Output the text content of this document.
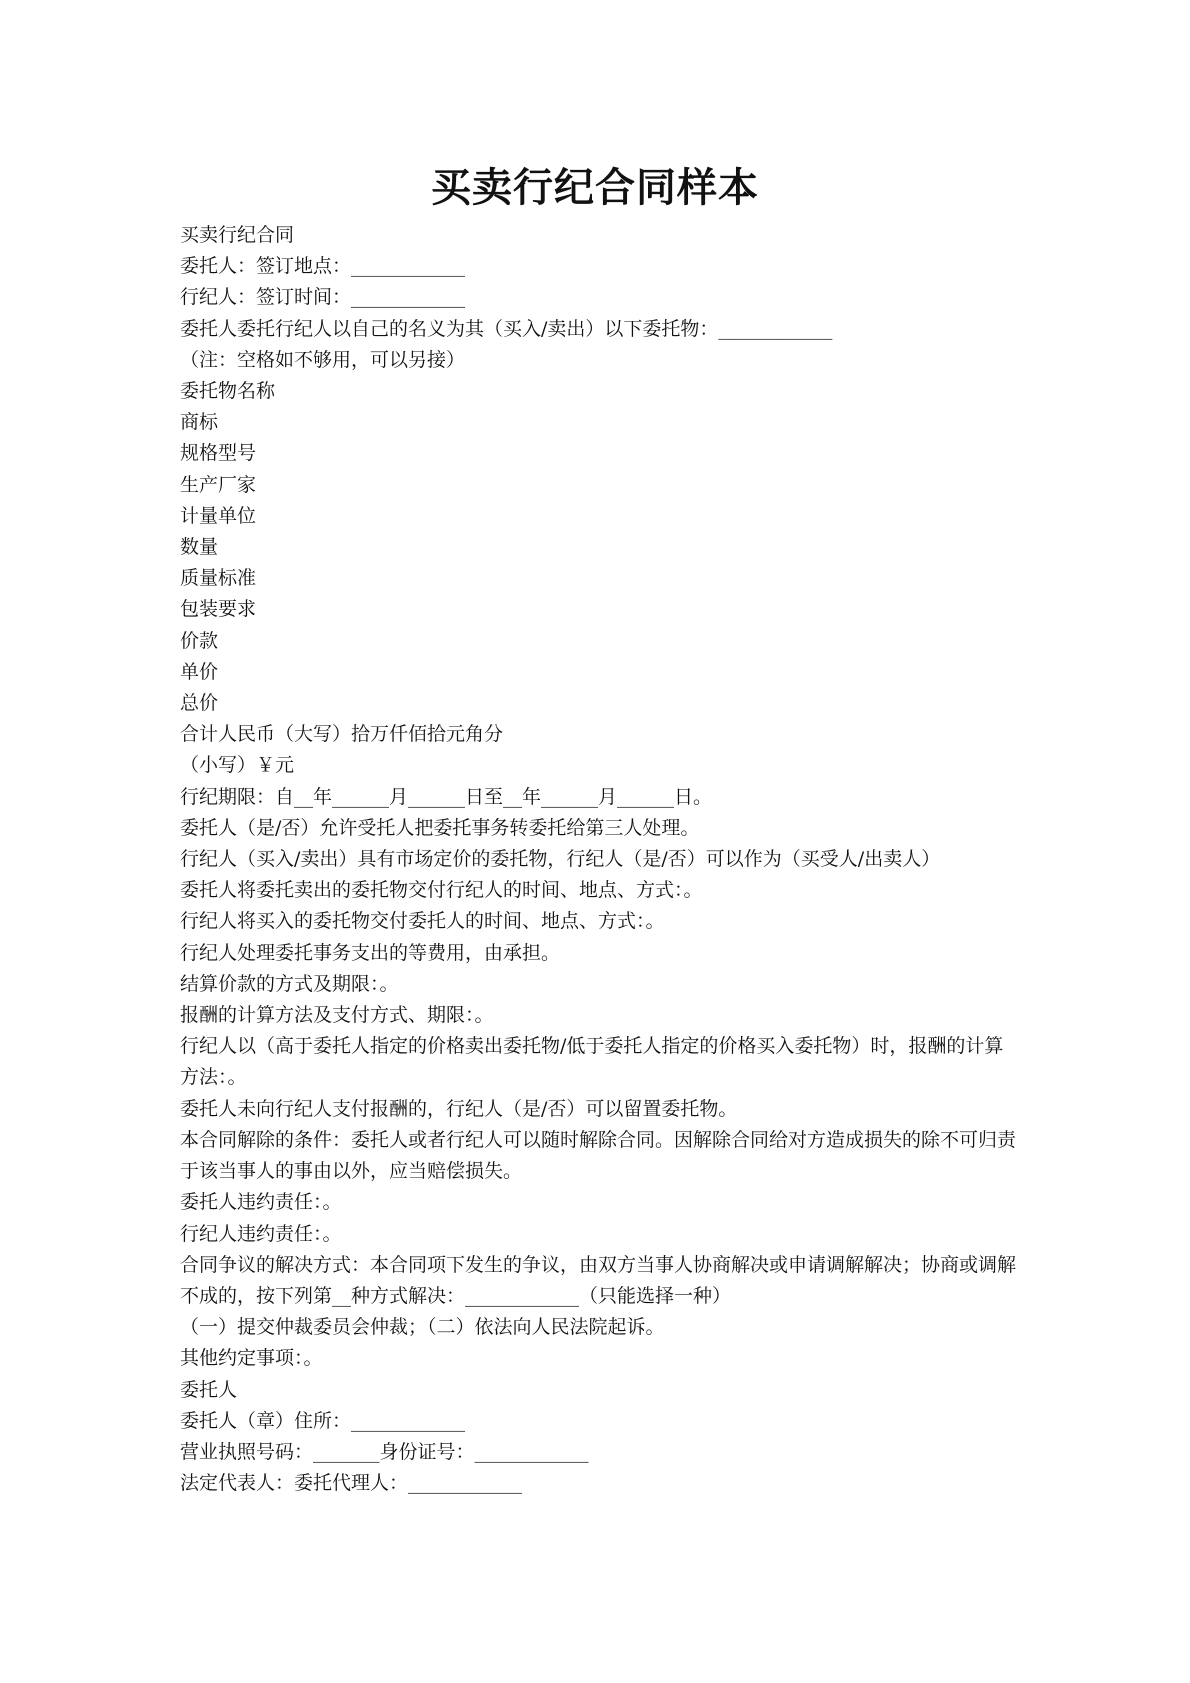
买卖行纪合同样本
买卖行纪合同
委托人：签订地点：____________
行纪人：签订时间：____________
委托人委托行纪人以自己的名义为其（买入/卖出）以下委托物：____________
（注：空格如不够用，可以另接）
委托物名称
商标
规格型号
生产厂家
计量单位
数量
质量标准
包装要求
价款
单价
总价
合计人民币（大写）拾万仟佰拾元角分
（小写）￥元
行纪期限：自__年______月______日至__年______月______日。
委托人（是/否）允许受托人把委托事务转委托给第三人处理。
行纪人（买入/卖出）具有市场定价的委托物，行纪人（是/否）可以作为（买受人/出卖人）
委托人将委托卖出的委托物交付行纪人的时间、地点、方式：。
行纪人将买入的委托物交付委托人的时间、地点、方式：。
行纪人处理委托事务支出的等费用，由承担。
结算价款的方式及期限：。
报酬的计算方法及支付方式、期限：。
行纪人以（高于委托人指定的价格卖出委托物/低于委托人指定的价格买入委托物）时，报酬的计算方法：。
委托人未向行纪人支付报酬的，行纪人（是/否）可以留置委托物。
本合同解除的条件：委托人或者行纪人可以随时解除合同。因解除合同给对方造成损失的除不可归责于该当事人的事由以外，应当赔偿损失。
委托人违约责任：。
行纪人违约责任：。
合同争议的解决方式：本合同项下发生的争议，由双方当事人协商解决或申请调解解决；协商或调解不成的，按下列第__种方式解决：____________（只能选择一种）
（一）提交仲裁委员会仲裁；（二）依法向人民法院起诉。
其他约定事项：。
委托人
委托人（章）住所：____________
营业执照号码：_______身份证号：____________
法定代表人：委托代理人：____________
